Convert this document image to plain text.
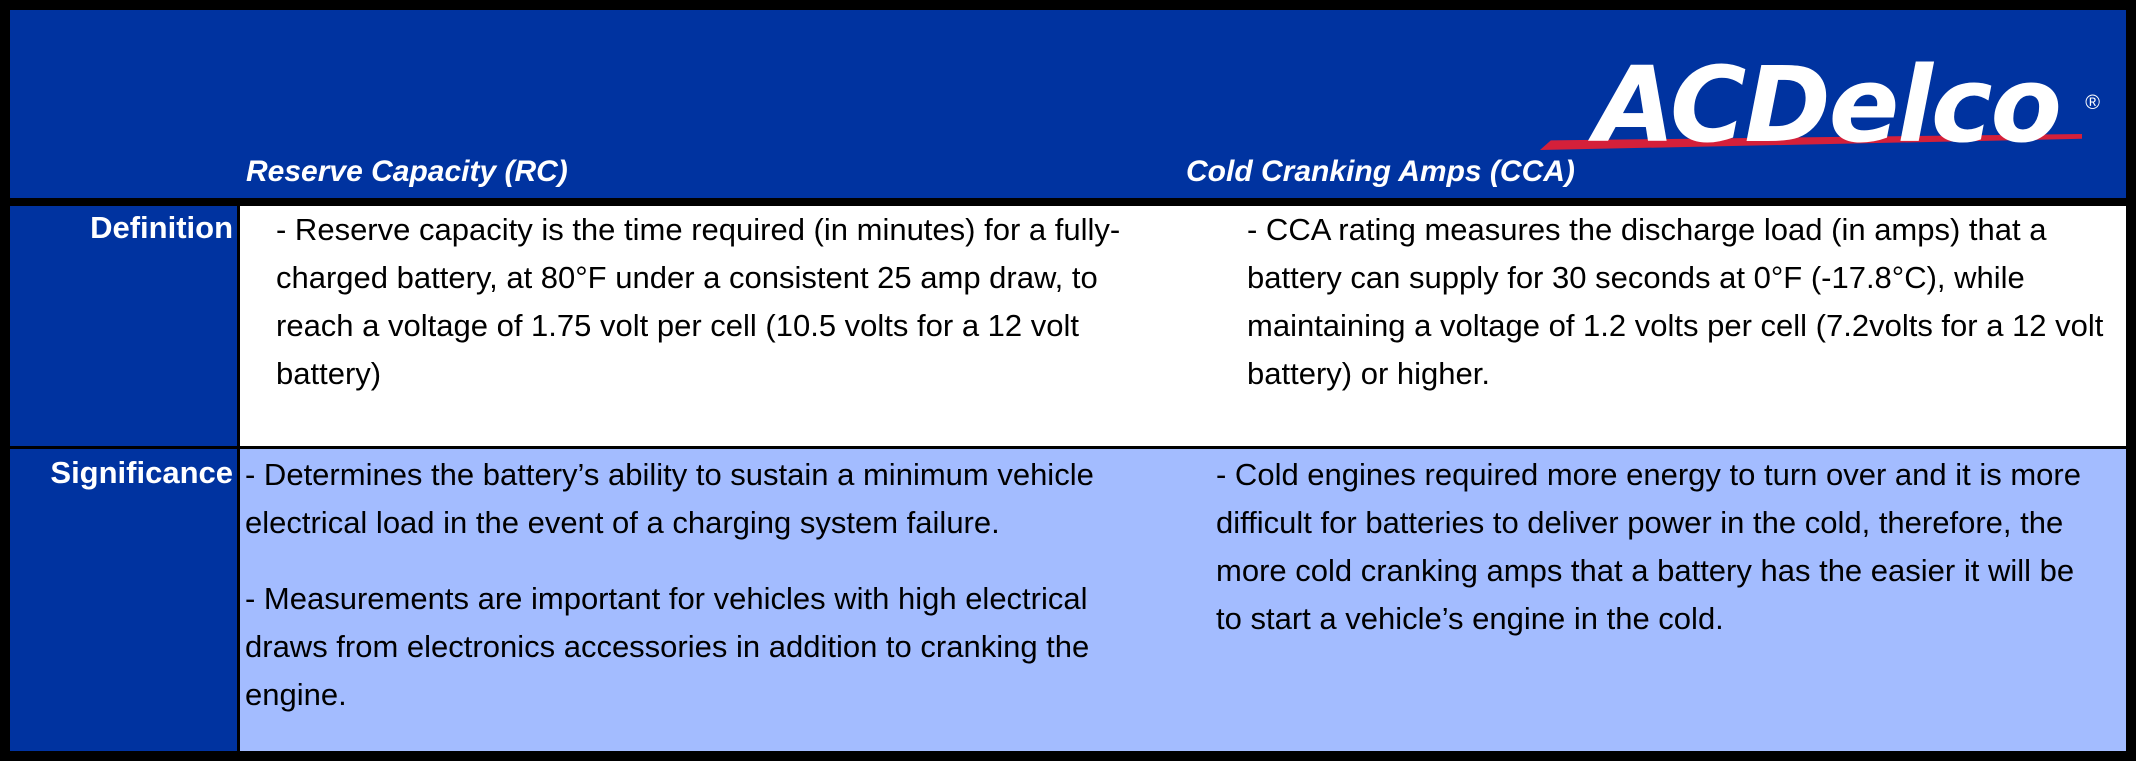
ACDelco ®
Reserve Capacity (RC)	Cold Cranking Amps (CCA)
Definition
Significance
- Reserve capacity is the time required (in minutes) for a fully-charged battery, at 80°F under a consistent 25 amp draw, to reach a voltage of 1.75 volt per cell (10.5 volts for a 12 volt battery)
- CCA rating measures the discharge load (in amps) that a battery can supply for 30 seconds at 0°F (-17.8°C), while maintaining a voltage of 1.2 volts per cell (7.2volts for a 12 volt battery) or higher.
- Determines the battery’s ability to sustain a minimum vehicle electrical load in the event of a charging system failure.
- Measurements are important for vehicles with high electrical draws from electronics accessories in addition to cranking the engine.
- Cold engines required more energy to turn over and it is more difficult for batteries to deliver power in the cold, therefore, the more cold cranking amps that a battery has the easier it will be to start a vehicle’s engine in the cold.
